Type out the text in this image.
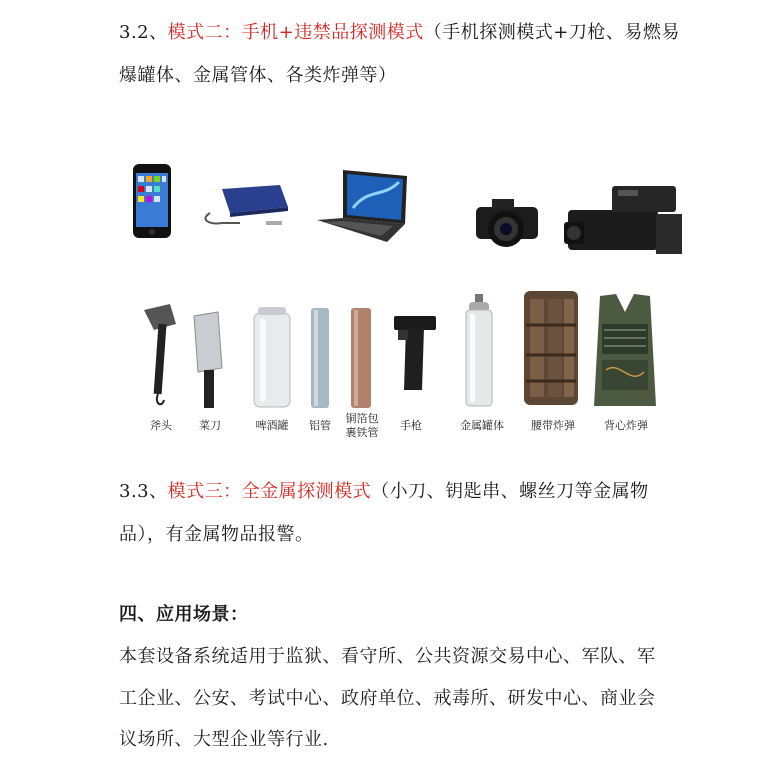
3.2、模式二：手机+违禁品探测模式（手机探测模式+刀枪、易燃易
爆罐体、金属管体、各类炸弹等）
斧头	菜刀	啤酒罐	铝管
铜箔包
裹铁管
手枪	金属罐体	腰带炸弹	背心炸弹
3.3、模式三：全金属探测模式（小刀、钥匙串、螺丝刀等金属物
品），有金属物品报警。
四、应用场景：
本套设备系统适用于监狱、看守所、公共资源交易中心、军队、军
工企业、公安、考试中心、政府单位、戒毒所、研发中心、商业会
议场所、大型企业等行业.
